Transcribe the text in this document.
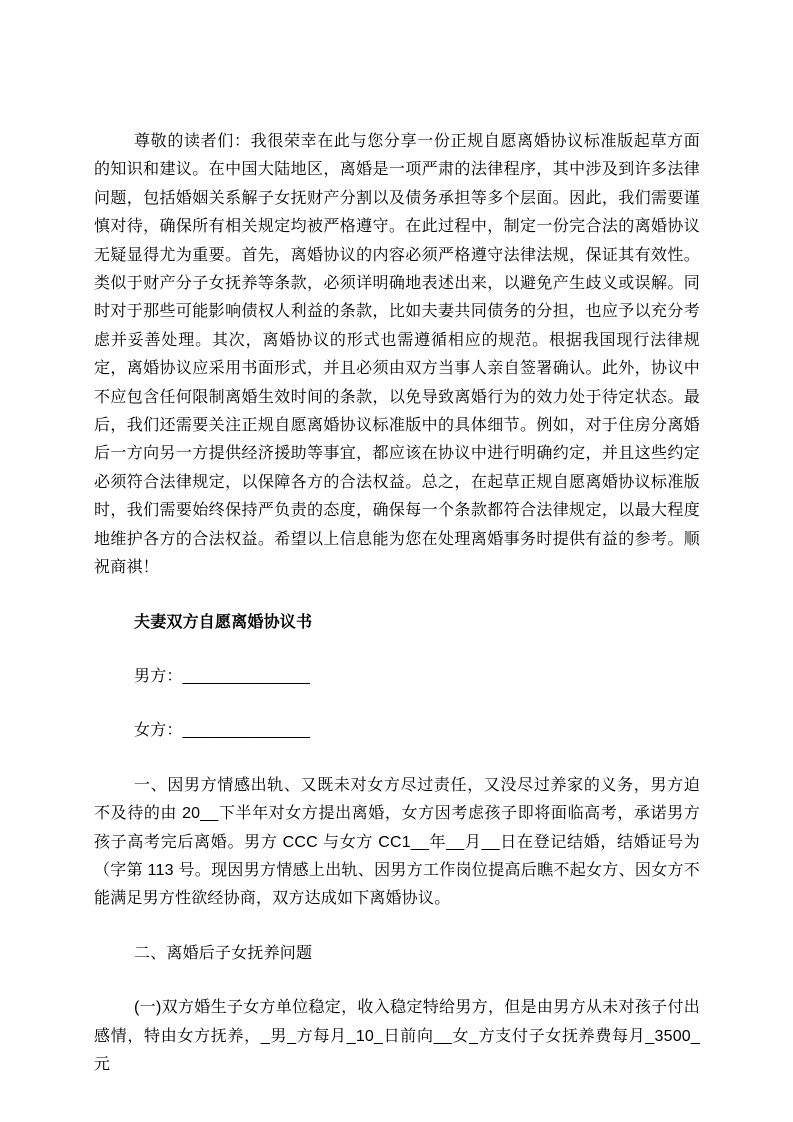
尊敬的读者们：我很荣幸在此与您分享一份正规自愿离婚协议标准版起草方面的知识和建议。在中国大陆地区，离婚是一项严肃的法律程序，其中涉及到许多法律问题，包括婚姻关系解子女抚财产分割以及债务承担等多个层面。因此，我们需要谨慎对待，确保所有相关规定均被严格遵守。在此过程中，制定一份完合法的离婚协议无疑显得尤为重要。首先，离婚协议的内容必须严格遵守法律法规，保证其有效性。类似于财产分子女抚养等条款，必须详明确地表述出来，以避免产生歧义或误解。同时对于那些可能影响债权人利益的条款，比如夫妻共同债务的分担，也应予以充分考虑并妥善处理。其次，离婚协议的形式也需遵循相应的规范。根据我国现行法律规定，离婚协议应采用书面形式，并且必须由双方当事人亲自签署确认。此外，协议中不应包含任何限制离婚生效时间的条款，以免导致离婚行为的效力处于待定状态。最后，我们还需要关注正规自愿离婚协议标准版中的具体细节。例如，对于住房分离婚后一方向另一方提供经济援助等事宜，都应该在协议中进行明确约定，并且这些约定必须符合法律规定，以保障各方的合法权益。总之，在起草正规自愿离婚协议标准版时，我们需要始终保持严负责的态度，确保每一个条款都符合法律规定，以最大程度地维护各方的合法权益。希望以上信息能为您在处理离婚事务时提供有益的参考。顺祝商祺！

夫妻双方自愿离婚协议书

男方：______________

女方：______________

一、因男方情感出轨、又既未对女方尽过责任，又没尽过养家的义务，男方迫不及待的由 20__下半年对女方提出离婚，女方因考虑孩子即将面临高考，承诺男方孩子高考完后离婚。男方 CCC 与女方 CC1__年__月__日在登记结婚，结婚证号为（字第 113 号。现因男方情感上出轨、因男方工作岗位提高后瞧不起女方、因女方不能满足男方性欲经协商，双方达成如下离婚协议。

二、离婚后子女抚养问题

(一)双方婚生子女方单位稳定，收入稳定特给男方，但是由男方从未对孩子付出感情，特由女方抚养，_男_方每月_10_日前向__女_方支付子女抚养费每月_3500_元
